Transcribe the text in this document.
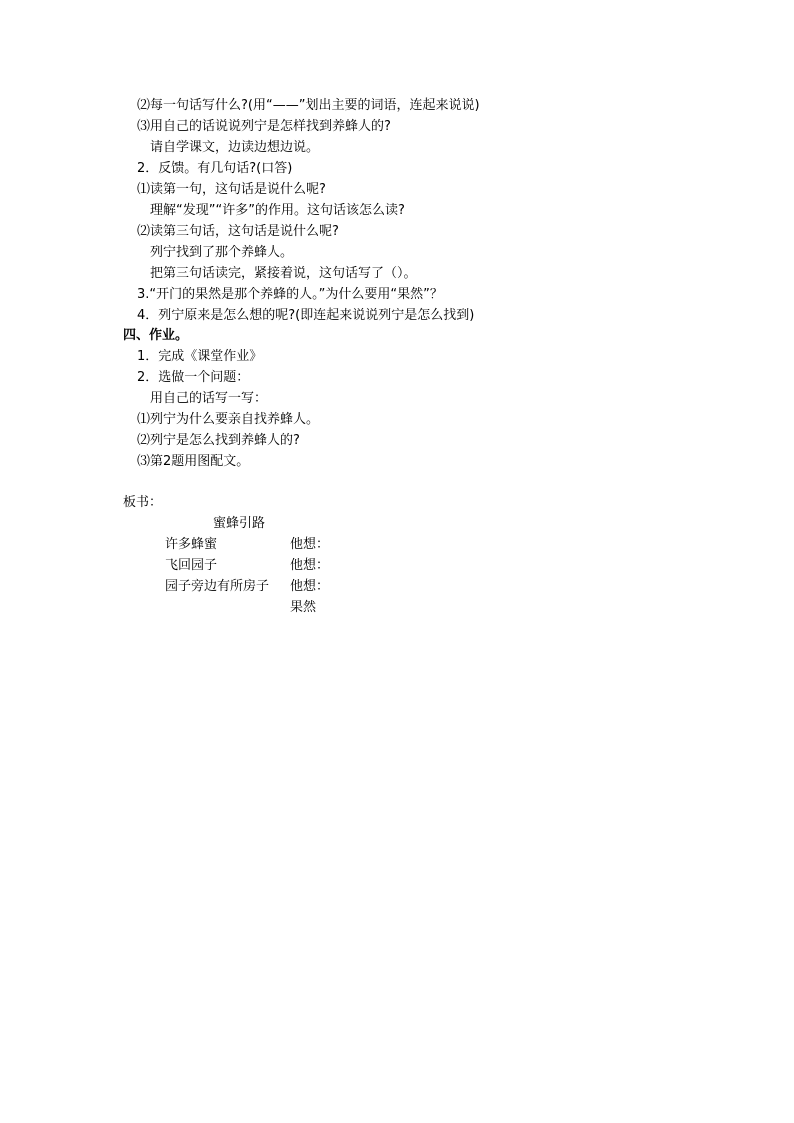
⑵每一句话写什么?(用“——”划出主要的词语，连起来说说)
⑶用自己的话说说列宁是怎样找到养蜂人的?
请自学课文，边读边想边说。
2．反馈。有几句话?(口答)
⑴读第一句，这句话是说什么呢?
理解“发现”“许多”的作用。这句话该怎么读?
⑵读第三句话，这句话是说什么呢?
列宁找到了那个养蜂人。
把第三句话读完，紧接着说，这句话写了（）。
3.“开门的果然是那个养蜂的人。”为什么要用“果然”？
4．列宁原来是怎么想的呢?(即连起来说说列宁是怎么找到)
四、作业。
1．完成《课堂作业》
2．选做一个问题：
用自己的话写一写：
⑴列宁为什么要亲自找养蜂人。
⑵列宁是怎么找到养蜂人的?
⑶第2题用图配文。
板书：
蜜蜂引路
许多蜂蜜
飞回园子
园子旁边有所房子
他想：
他想：
他想：
果然
